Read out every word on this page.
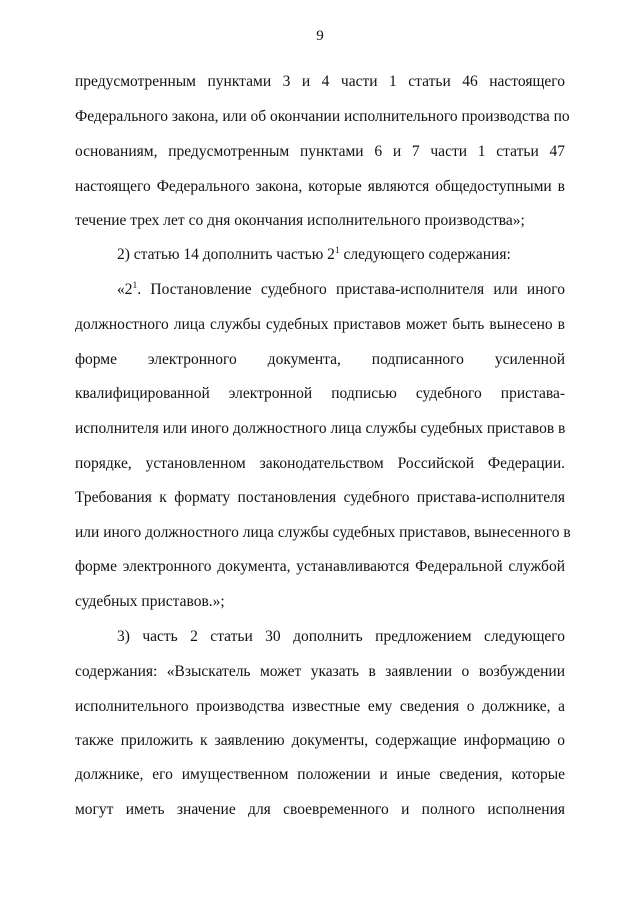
9
предусмотренным пунктами 3 и 4 части 1 статьи 46 настоящего
Федерального закона, или об окончании исполнительного производства по
основаниям, предусмотренным пунктами 6 и 7 части 1 статьи 47
настоящего Федерального закона, которые являются общедоступными в
течение трех лет со дня окончания исполнительного производства»;
2) статью 14 дополнить частью $2^1$ следующего содержания:
«$2^1$. Постановление судебного пристава-исполнителя или иного
должностного лица службы судебных приставов может быть вынесено в
форме электронного документа, подписанного усиленной
квалифицированной электронной подписью судебного пристава-
исполнителя или иного должностного лица службы судебных приставов в
порядке, установленном законодательством Российской Федерации.
Требования к формату постановления судебного пристава-исполнителя
или иного должностного лица службы судебных приставов, вынесенного в
форме электронного документа, устанавливаются Федеральной службой
судебных приставов.»;
3) часть 2 статьи 30 дополнить предложением следующего
содержания: «Взыскатель может указать в заявлении о возбуждении
исполнительного производства известные ему сведения о должнике, а
также приложить к заявлению документы, содержащие информацию о
должнике, его имущественном положении и иные сведения, которые
могут иметь значение для своевременного и полного исполнения
